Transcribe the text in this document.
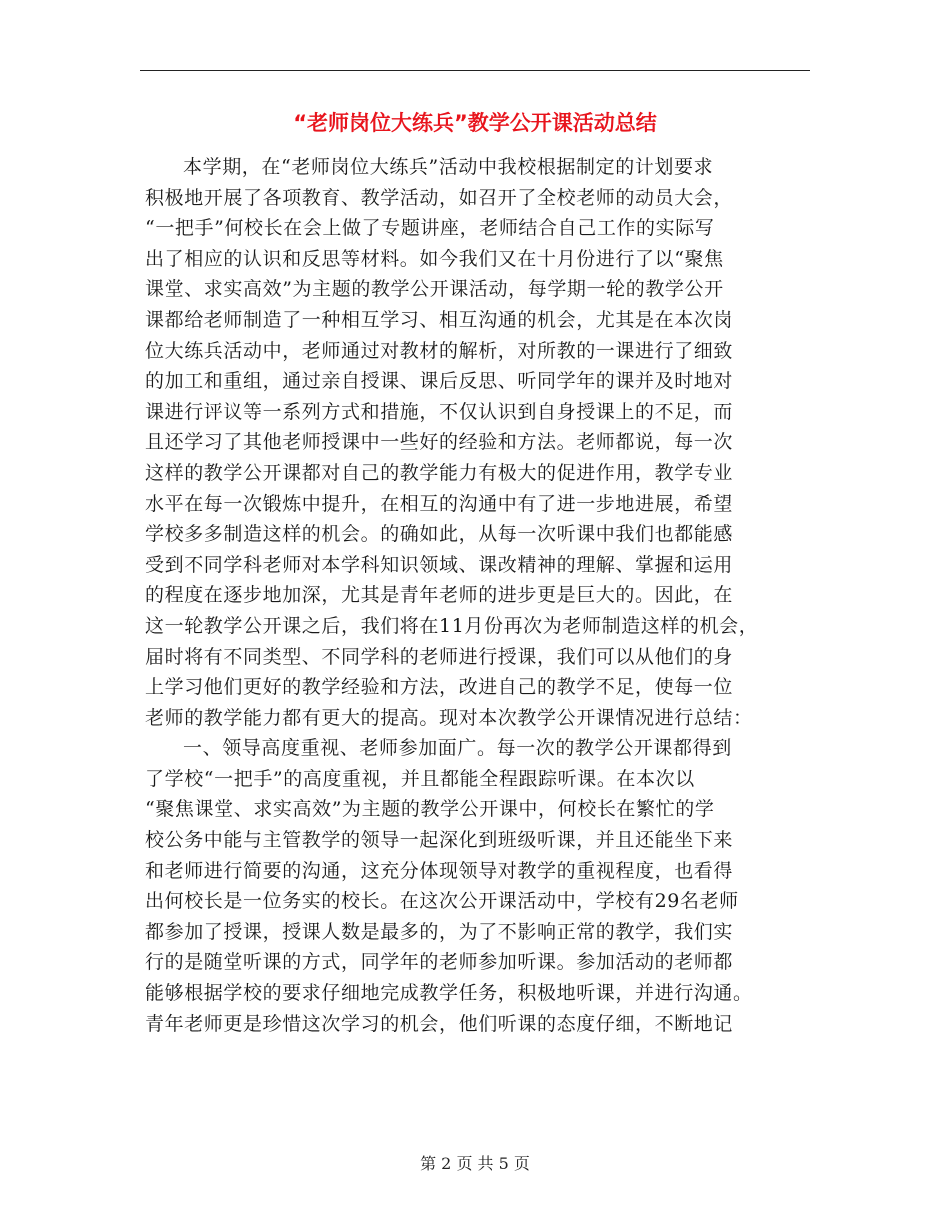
“老师岗位大练兵”教学公开课活动总结
本学期，在“老师岗位大练兵”活动中我校根据制定的计划要求
积极地开展了各项教育、教学活动，如召开了全校老师的动员大会，
“一把手”何校长在会上做了专题讲座，老师结合自己工作的实际写
出了相应的认识和反思等材料。如今我们又在十月份进行了以“聚焦
课堂、求实高效”为主题的教学公开课活动，每学期一轮的教学公开
课都给老师制造了一种相互学习、相互沟通的机会，尤其是在本次岗
位大练兵活动中，老师通过对教材的解析，对所教的一课进行了细致
的加工和重组，通过亲自授课、课后反思、听同学年的课并及时地对
课进行评议等一系列方式和措施，不仅认识到自身授课上的不足，而
且还学习了其他老师授课中一些好的经验和方法。老师都说，每一次
这样的教学公开课都对自己的教学能力有极大的促进作用，教学专业
水平在每一次锻炼中提升，在相互的沟通中有了进一步地进展，希望
学校多多制造这样的机会。的确如此，从每一次听课中我们也都能感
受到不同学科老师对本学科知识领域、课改精神的理解、掌握和运用
的程度在逐步地加深，尤其是青年老师的进步更是巨大的。因此，在
这一轮教学公开课之后，我们将在11月份再次为老师制造这样的机会，
届时将有不同类型、不同学科的老师进行授课，我们可以从他们的身
上学习他们更好的教学经验和方法，改进自己的教学不足，使每一位
老师的教学能力都有更大的提高。现对本次教学公开课情况进行总结：
一、领导高度重视、老师参加面广。每一次的教学公开课都得到
了学校“一把手”的高度重视，并且都能全程跟踪听课。在本次以
“聚焦课堂、求实高效”为主题的教学公开课中，何校长在繁忙的学
校公务中能与主管教学的领导一起深化到班级听课，并且还能坐下来
和老师进行简要的沟通，这充分体现领导对教学的重视程度，也看得
出何校长是一位务实的校长。在这次公开课活动中，学校有29名老师
都参加了授课，授课人数是最多的，为了不影响正常的教学，我们实
行的是随堂听课的方式，同学年的老师参加听课。参加活动的老师都
能够根据学校的要求仔细地完成教学任务，积极地听课，并进行沟通。
青年老师更是珍惜这次学习的机会，他们听课的态度仔细，不断地记
第 2 页 共 5 页
